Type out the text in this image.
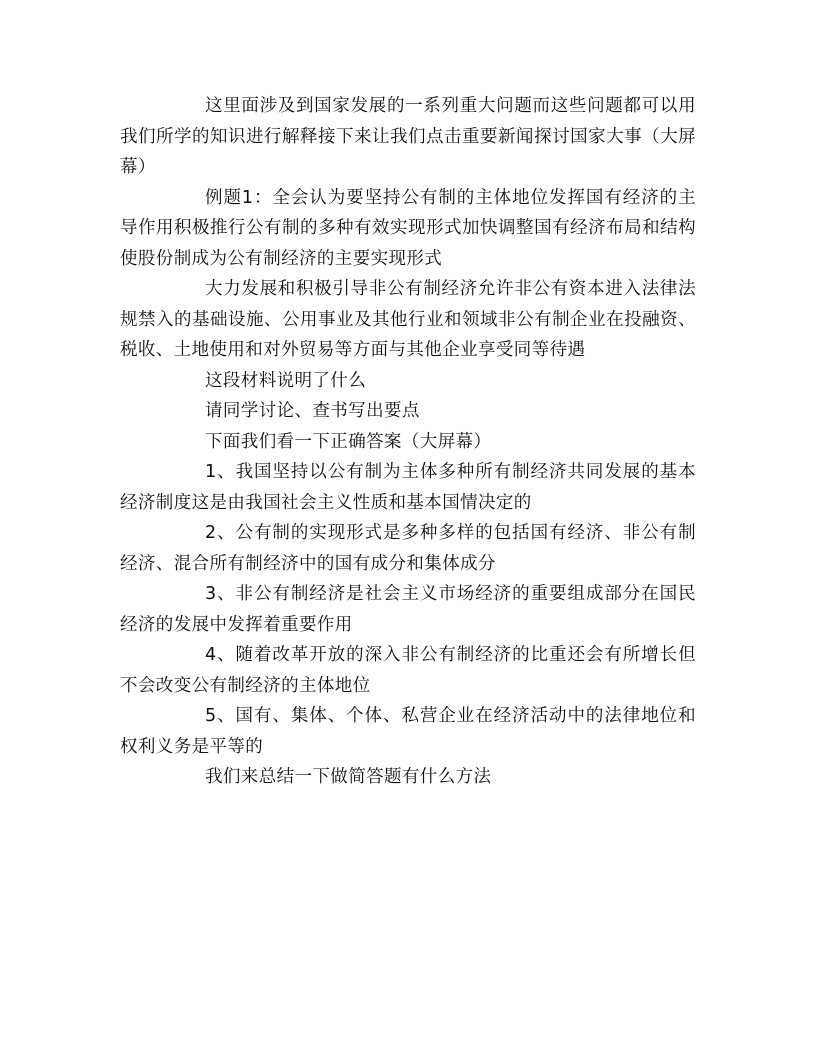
这里面涉及到国家发展的一系列重大问题而这些问题都可以用我们所学的知识进行解释接下来让我们点击重要新闻探讨国家大事（大屏幕）

例题1：全会认为要坚持公有制的主体地位发挥国有经济的主导作用积极推行公有制的多种有效实现形式加快调整国有经济布局和结构使股份制成为公有制经济的主要实现形式

大力发展和积极引导非公有制经济允许非公有资本进入法律法规禁入的基础设施、公用事业及其他行业和领域非公有制企业在投融资、税收、土地使用和对外贸易等方面与其他企业享受同等待遇

这段材料说明了什么

请同学讨论、查书写出要点

下面我们看一下正确答案（大屏幕）

1、我国坚持以公有制为主体多种所有制经济共同发展的基本经济制度这是由我国社会主义性质和基本国情决定的

2、公有制的实现形式是多种多样的包括国有经济、非公有制经济、混合所有制经济中的国有成分和集体成分

3、非公有制经济是社会主义市场经济的重要组成部分在国民经济的发展中发挥着重要作用

4、随着改革开放的深入非公有制经济的比重还会有所增长但不会改变公有制经济的主体地位

5、国有、集体、个体、私营企业在经济活动中的法律地位和权利义务是平等的

我们来总结一下做简答题有什么方法
